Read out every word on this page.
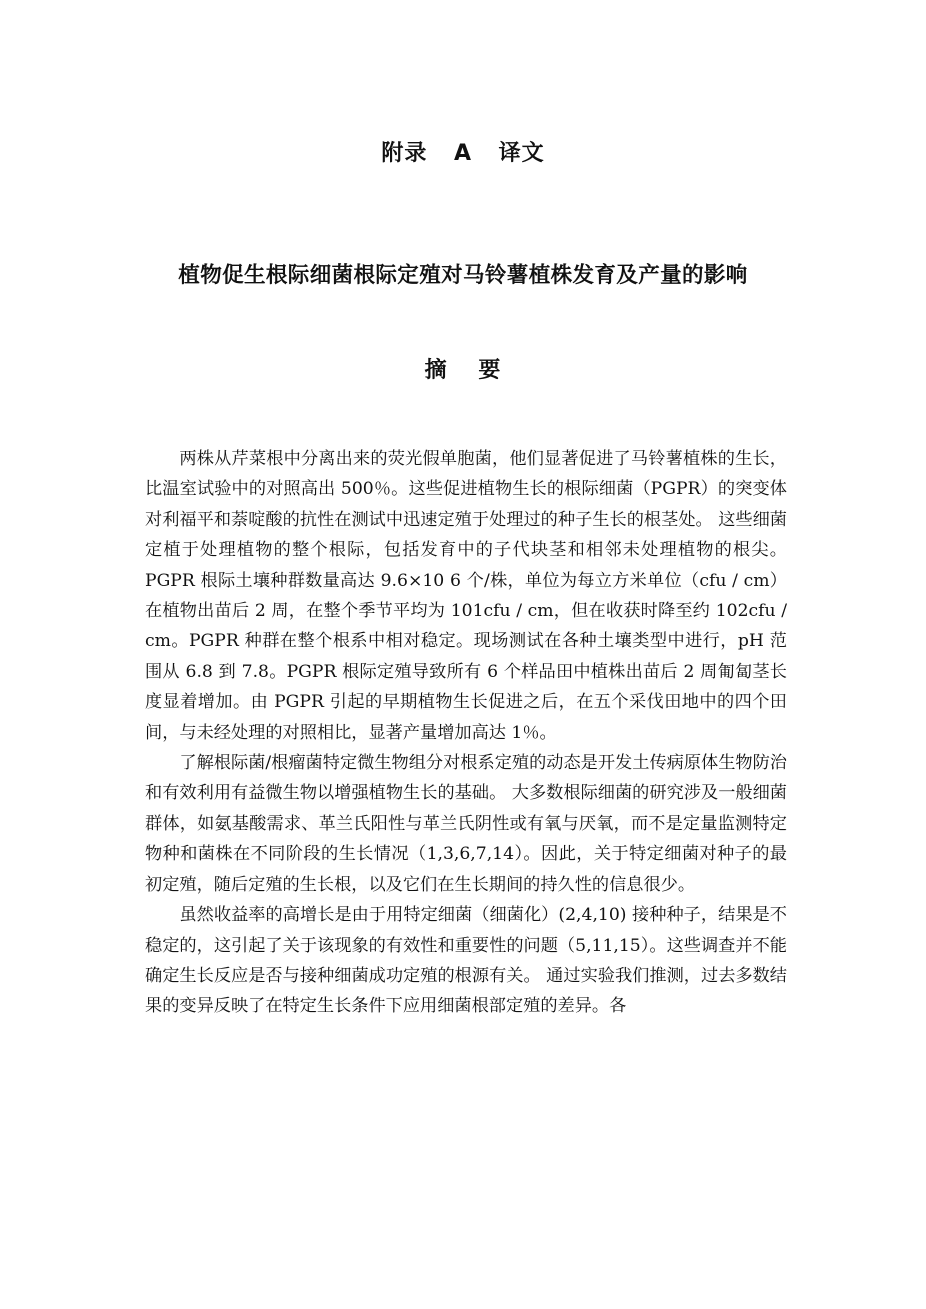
附录 A 译文
植物促生根际细菌根际定殖对马铃薯植株发育及产量的影响
摘 要

两株从芹菜根中分离出来的荧光假单胞菌，他们显著促进了马铃薯植株的生长，比温室试验中的对照高出 500％。这些促进植物生长的根际细菌（PGPR）的突变体对利福平和萘啶酸的抗性在测试中迅速定殖于处理过的种子生长的根茎处。 这些细菌定植于处理植物的整个根际，包括发育中的子代块茎和相邻未处理植物的根尖。PGPR 根际土壤种群数量高达 9.6×10 6 个/株，单位为每立方米单位（cfu / cm）在植物出苗后 2 周，在整个季节平均为 101cfu / cm，但在收获时降至约 102cfu / cm。PGPR 种群在整个根系中相对稳定。现场测试在各种土壤类型中进行，pH 范围从 6.8 到 7.8。PGPR 根际定殖导致所有 6 个样品田中植株出苗后 2 周匍匐茎长度显着增加。由 PGPR 引起的早期植物生长促进之后，在五个采伐田地中的四个田间，与未经处理的对照相比，显著产量增加高达 1％。

了解根际菌/根瘤菌特定微生物组分对根系定殖的动态是开发土传病原体生物防治和有效利用有益微生物以增强植物生长的基础。 大多数根际细菌的研究涉及一般细菌群体，如氨基酸需求、革兰氏阳性与革兰氏阴性或有氧与厌氧，而不是定量监测特定物种和菌株在不同阶段的生长情况（1,3,6,7,14）。因此，关于特定细菌对种子的最初定殖，随后定殖的生长根，以及它们在生长期间的持久性的信息很少。

虽然收益率的高增长是由于用特定细菌（细菌化）(2,4,10) 接种种子，结果是不稳定的，这引起了关于该现象的有效性和重要性的问题（5,11,15）。这些调查并不能确定生长反应是否与接种细菌成功定殖的根源有关。 通过实验我们推测，过去多数结果的变异反映了在特定生长条件下应用细菌根部定殖的差异。各
